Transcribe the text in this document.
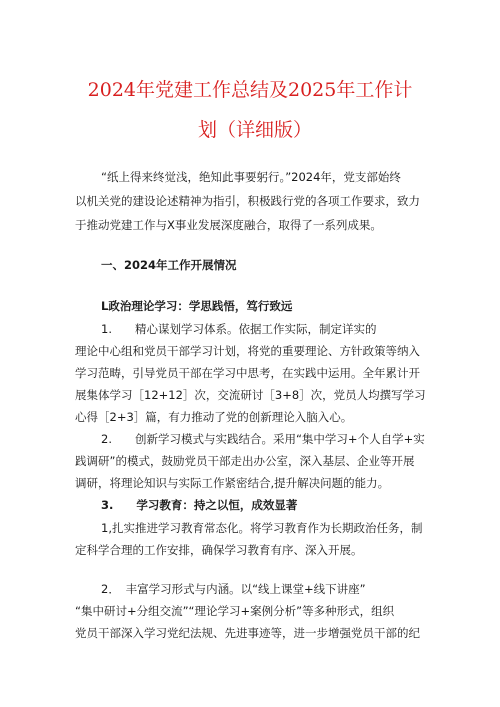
2024年党建工作总结及2025年工作计
划（详细版）

“纸上得来终觉浅，绝知此事要躬行。”2024年，党支部始终

以机关党的建设论述精神为指引，积极践行党的各项工作要求，致力

于推动党建工作与X事业发展深度融合，取得了一系列成果。

一、2024年工作开展情况

L政治理论学习：学思践悟，笃行致远

1.　　精心谋划学习体系。依据工作实际，制定详实的

理论中心组和党员干部学习计划，将党的重要理论、方针政策等纳入

学习范畴，引导党员干部在学习中思考，在实践中运用。全年累计开

展集体学习［12+12］次，交流研讨［3+8］次，党员人均撰写学习

心得［2+3］篇，有力推动了党的创新理论入脑入心。

2.　　创新学习模式与实践结合。采用“集中学习+个人自学+实

践调研”的模式，鼓励党员干部走出办公室，深入基层、企业等开展

调研，将理论知识与实际工作紧密结合,提升解决问题的能力。

3.　　学习教育：持之以恒，成效显著

1,扎实推进学习教育常态化。将学习教育作为长期政治任务，制

定科学合理的工作安排，确保学习教育有序、深入开展。

2．　丰富学习形式与内涵。以“线上课堂+线下讲座”

“集中研讨+分组交流”“理论学习+案例分析”等多种形式，组织

党员干部深入学习党纪法规、先进事迹等，进一步增强党员干部的纪
